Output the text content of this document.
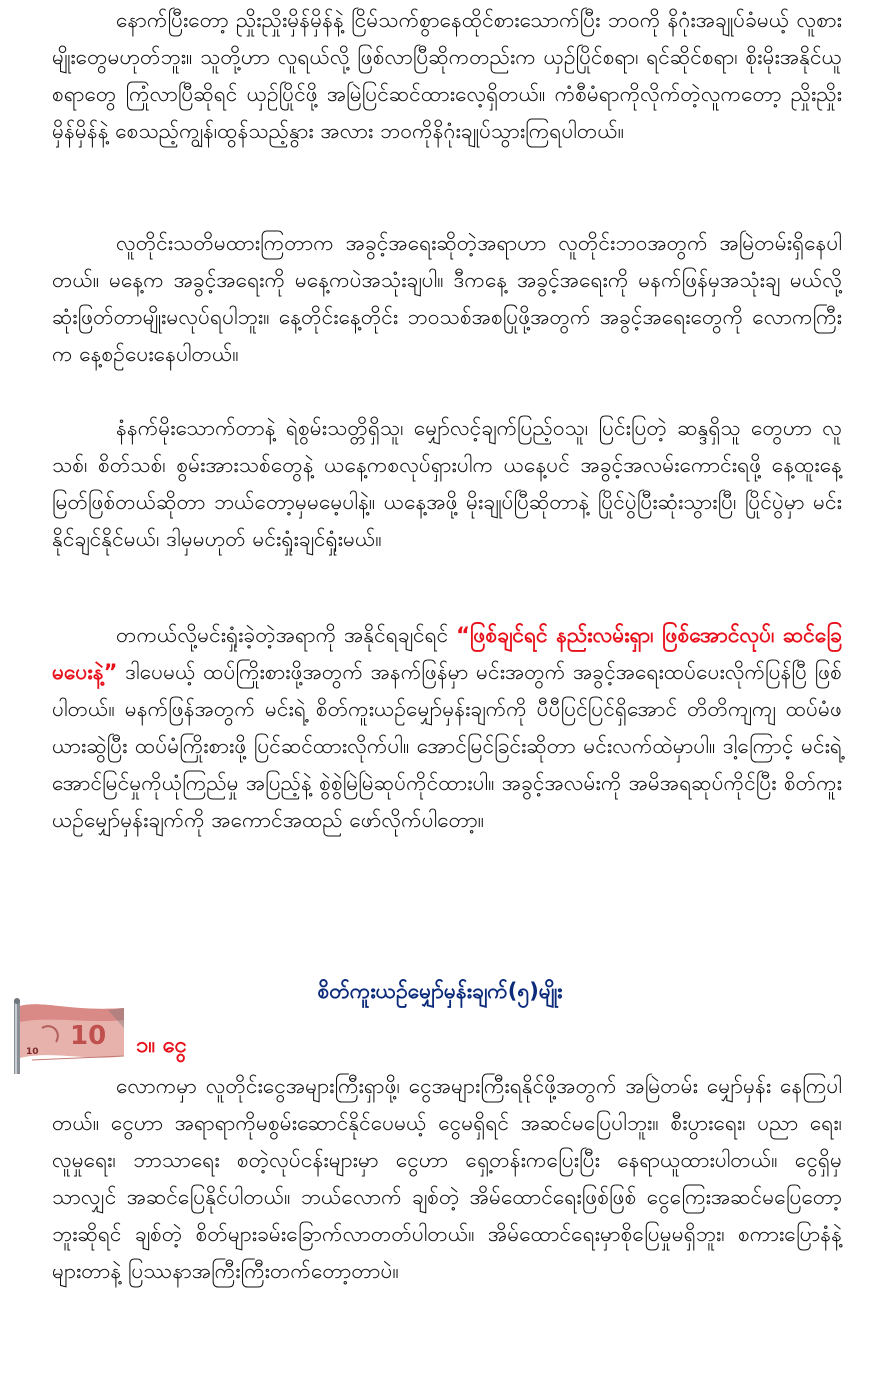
နောက်ပြီးတော့ ညှိုးညှိုးမှိန်မှိန်နဲ့ ငြိမ်သက်စွာနေထိုင်စားသောက်ပြီး ဘဝကို နိဂုံးအချုပ်ခံမယ့် လူစားမျိုးတွေမဟုတ်ဘူး။ သူတို့ဟာ လူရယ်လို့ ဖြစ်လာပြီဆိုကတည်းက ယှဉ်ပြိုင်စရာ၊ ရင်ဆိုင်စရာ၊ စိုးမိုးအနိုင်ယူစရာတွေ ကြုံလာပြီဆိုရင် ယှဉ်ပြိုင်ဖို့ အမြဲပြင်ဆင်ထားလေ့ရှိတယ်။ ကံစီမံရာကိုလိုက်တဲ့လူကတော့ ညှိုးညှိုးမှိန်မှိန်နဲ့ စေသည့်ကျွန်၊ထွန်သည့်နွား အလား ဘဝကိုနိဂုံးချုပ်သွားကြရပါတယ်။
လူတိုင်းသတိမထားကြတာက အခွင့်အရေးဆိုတဲ့အရာဟာ လူတိုင်းဘဝအတွက် အမြဲတမ်းရှိနေပါတယ်။ မနေ့က အခွင့်အရေးကို မနေ့ကပဲအသုံးချပါ။ ဒီကနေ့ အခွင့်အရေးကို မနက်ဖြန်မှအသုံးချ မယ်လို့ဆုံးဖြတ်တာမျိုးမလုပ်ရပါဘူး။ နေ့တိုင်းနေ့တိုင်း ဘဝသစ်အစပြုဖို့အတွက် အခွင့်အရေးတွေကို လောကကြီးက နေ့စဉ်ပေးနေပါတယ်။
နံနက်မိုးသောက်တာနဲ့ ရဲစွမ်းသတ္တိရှိသူ၊ မျှော်လင့်ချက်ပြည့်ဝသူ၊ ပြင်းပြတဲ့ ဆန္ဒရှိသူ တွေဟာ လူသစ်၊ စိတ်သစ်၊ စွမ်းအားသစ်တွေနဲ့ ယနေ့ကစလုပ်ရှားပါက ယနေ့ပင် အခွင့်အလမ်းကောင်းရဖို့ နေ့ထူးနေ့မြတ်ဖြစ်တယ်ဆိုတာ ဘယ်တော့မှမမေ့ပါနဲ့။ ယနေ့အဖို့ မိုးချုပ်ပြီဆိုတာနဲ့ ပြိုင်ပွဲပြီးဆုံးသွားပြီ၊ ပြိုင်ပွဲမှာ မင်းနိုင်ချင်နိုင်မယ်၊ ဒါမှမဟုတ် မင်းရှုံးချင်ရှုံးမယ်။
တကယ်လို့မင်းရှုံးခဲ့တဲ့အရာကို အနိုင်ရချင်ရင် “ဖြစ်ချင်ရင် နည်းလမ်းရှာ၊ ဖြစ်အောင်လုပ်၊ ဆင်ခြေမပေးနဲ့” ဒါပေမယ့် ထပ်ကြိုးစားဖို့အတွက် အနက်ဖြန်မှာ မင်းအတွက် အခွင့်အရေးထပ်ပေးလိုက်ပြန်ပြီ ဖြစ်ပါတယ်။ မနက်ဖြန်အတွက် မင်းရဲ့ စိတ်ကူးယဉ်မျှော်မှန်းချက်ကို ပီပီပြင်ပြင်ရှိအောင် တိတိကျကျ ထပ်မံဖယားဆွဲပြီး ထပ်မံကြိုးစားဖို့ ပြင်ဆင်ထားလိုက်ပါ။ အောင်မြင်ခြင်းဆိုတာ မင်းလက်ထဲမှာပါ။ ဒါ့ကြောင့် မင်းရဲ့အောင်မြင်မှုကိုယုံကြည်မှု အပြည့်နဲ့ စွဲစွဲမြဲမြဲဆုပ်ကိုင်ထားပါ။ အခွင့်အလမ်းကို အမိအရဆုပ်ကိုင်ပြီး စိတ်ကူးယဉ်မျှော်မှန်းချက်ကို အကောင်အထည် ဖော်လိုက်ပါတော့။
စိတ်ကူးယဉ်မျှော်မှန်းချက်(၅)မျိုး
10
10	၁။ ငွေ
လောကမှာ လူတိုင်းငွေအများကြီးရှာဖို့၊ ငွေအများကြီးရနိုင်ဖို့အတွက် အမြဲတမ်း မျှော်မှန်း နေကြပါတယ်။ ငွေဟာ အရာရာကိုမစွမ်းဆောင်နိုင်ပေမယ့် ငွေမရှိရင် အဆင်မပြေပါဘူး။ စီးပွားရေး၊ ပညာ ရေး၊ လူမှုရေး၊ ဘာသာရေး စတဲ့လုပ်ငန်းများမှာ ငွေဟာ ရှေ့တန်းကပြေးပြီး နေရာယူထားပါတယ်။ ငွေရှိမှသာလျှင် အဆင်ပြေနိုင်ပါတယ်။ ဘယ်လောက် ချစ်တဲ့ အိမ်ထောင်ရေးဖြစ်ဖြစ် ငွေကြေးအဆင်မပြေတော့ဘူးဆိုရင် ချစ်တဲ့ စိတ်များခမ်းခြောက်လာတတ်ပါတယ်။ အိမ်ထောင်ရေးမှာစိုပြေမှုမရှိဘူး၊ စကားပြောနံနဲ့များတာနဲ့ ပြဿနာအကြီးကြီးတက်တော့တာပဲ။
